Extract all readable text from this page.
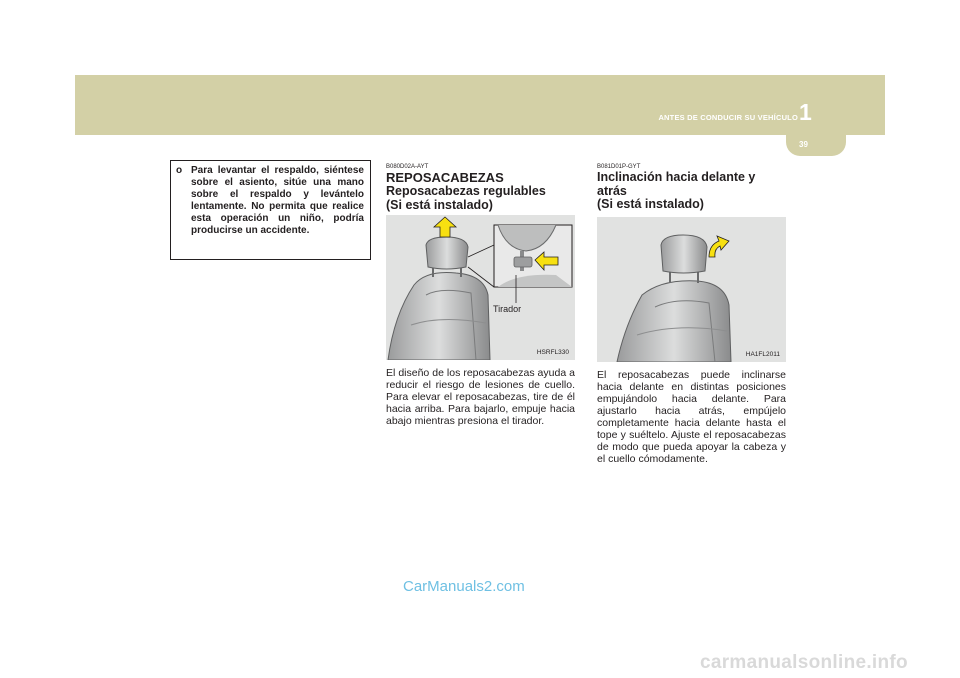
ANTES DE CONDUCIR SU VEHÍCULO 1
39
o Para levantar el respaldo, siéntese sobre el asiento, sitúe una mano sobre el respaldo y levántelo lentamente. No permita que realice esta operación un niño, podría producirse un accidente.
B080D02A-AYT
REPOSACABEZAS
Reposacabezas regulables
(Si está instalado)
Tirador
HSRFL330
El diseño de los reposacabezas ayuda a reducir el riesgo de lesiones de cuello. Para elevar el reposacabezas, tire de él hacia arriba. Para bajarlo, empuje hacia abajo mientras presiona el tirador.
B081D01P-GYT
Inclinación hacia delante y atrás
(Si está instalado)
HA1FL2011
El reposacabezas puede inclinarse hacia delante en distintas posiciones empujándolo hacia delante. Para ajustarlo hacia atrás, empújelo completamente hacia delante hasta el tope y suéltelo. Ajuste el reposacabezas de modo que pueda apoyar la cabeza y el cuello cómodamente.
CarManuals2.com
carmanualsonline.info
